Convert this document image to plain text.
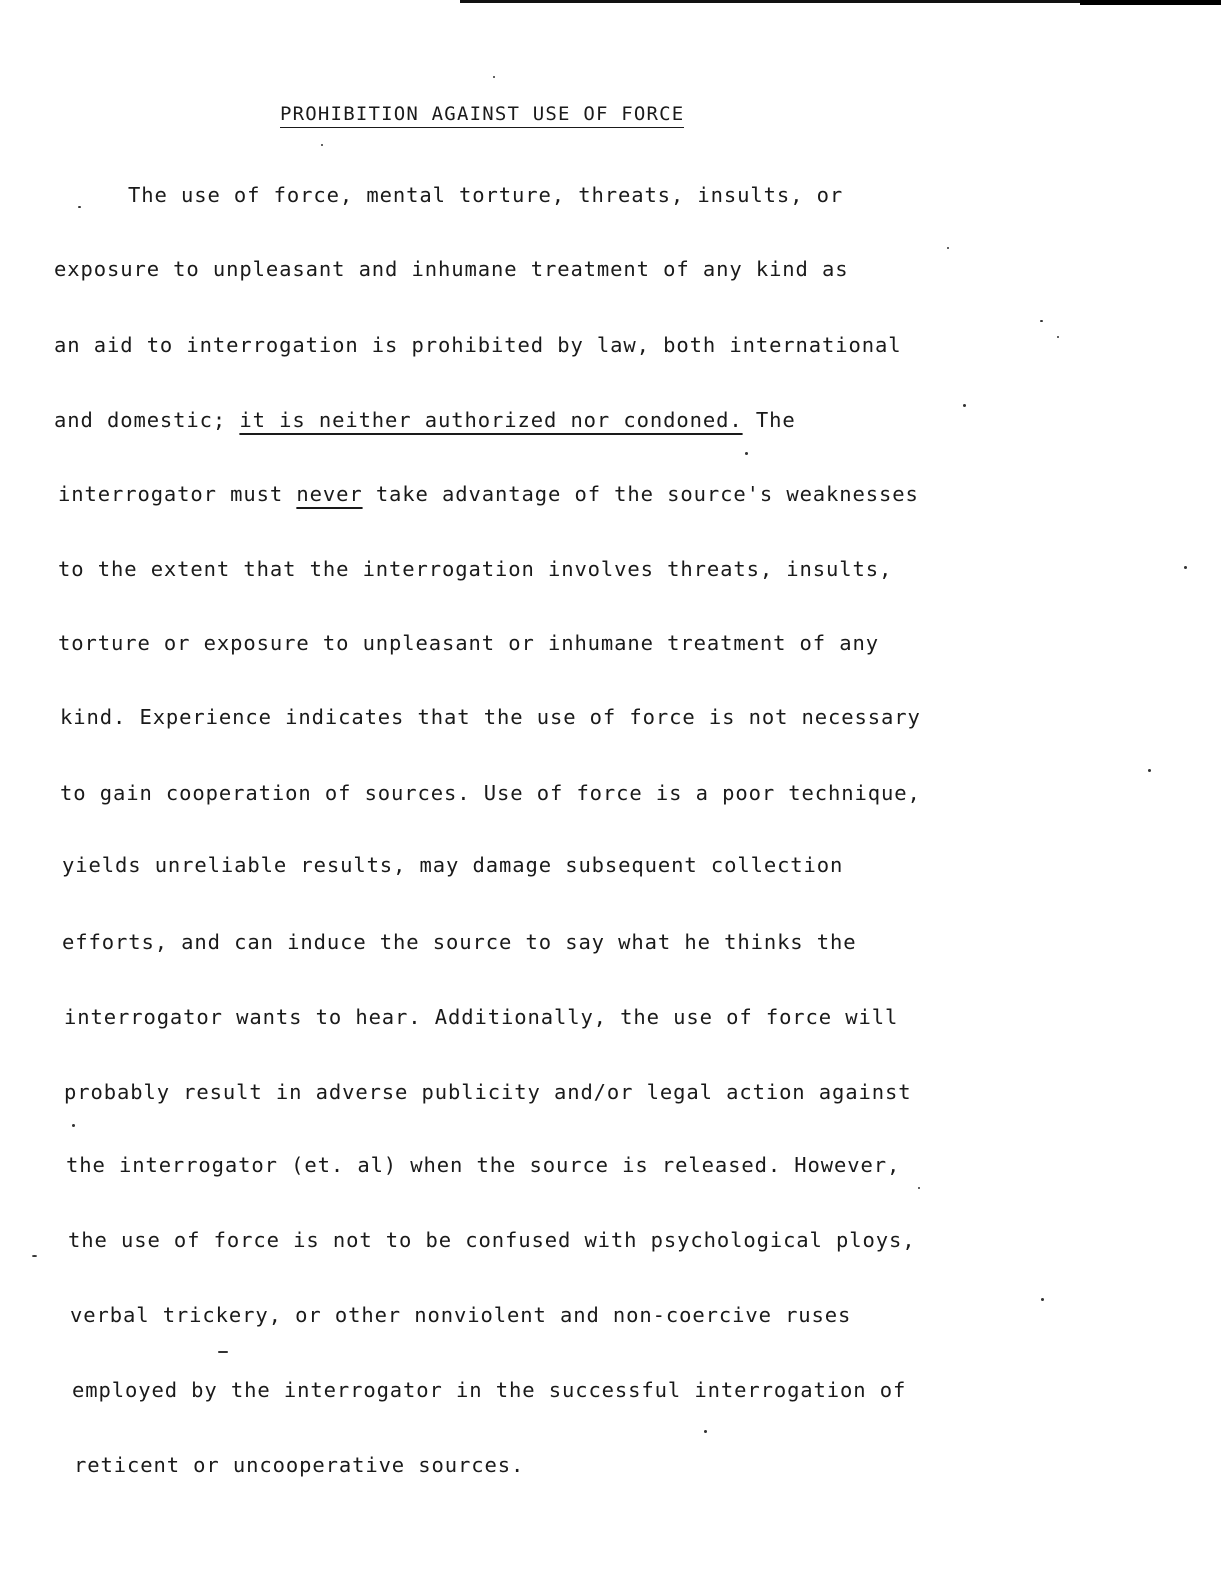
PROHIBITION AGAINST USE OF FORCE
The use of force, mental torture, threats, insults, or
exposure to unpleasant and inhumane treatment of any kind as
an aid to interrogation is prohibited by law, both international
and domestic; it is neither authorized nor condoned. The
interrogator must never take advantage of the source's weaknesses
to the extent that the interrogation involves threats, insults,
torture or exposure to unpleasant or inhumane treatment of any
kind. Experience indicates that the use of force is not necessary
to gain cooperation of sources. Use of force is a poor technique,
yields unreliable results, may damage subsequent collection
efforts, and can induce the source to say what he thinks the
interrogator wants to hear. Additionally, the use of force will
probably result in adverse publicity and/or legal action against
the interrogator (et. al) when the source is released. However,
the use of force is not to be confused with psychological ploys,
verbal trickery, or other nonviolent and non-coercive ruses
employed by the interrogator in the successful interrogation of
reticent or uncooperative sources.
